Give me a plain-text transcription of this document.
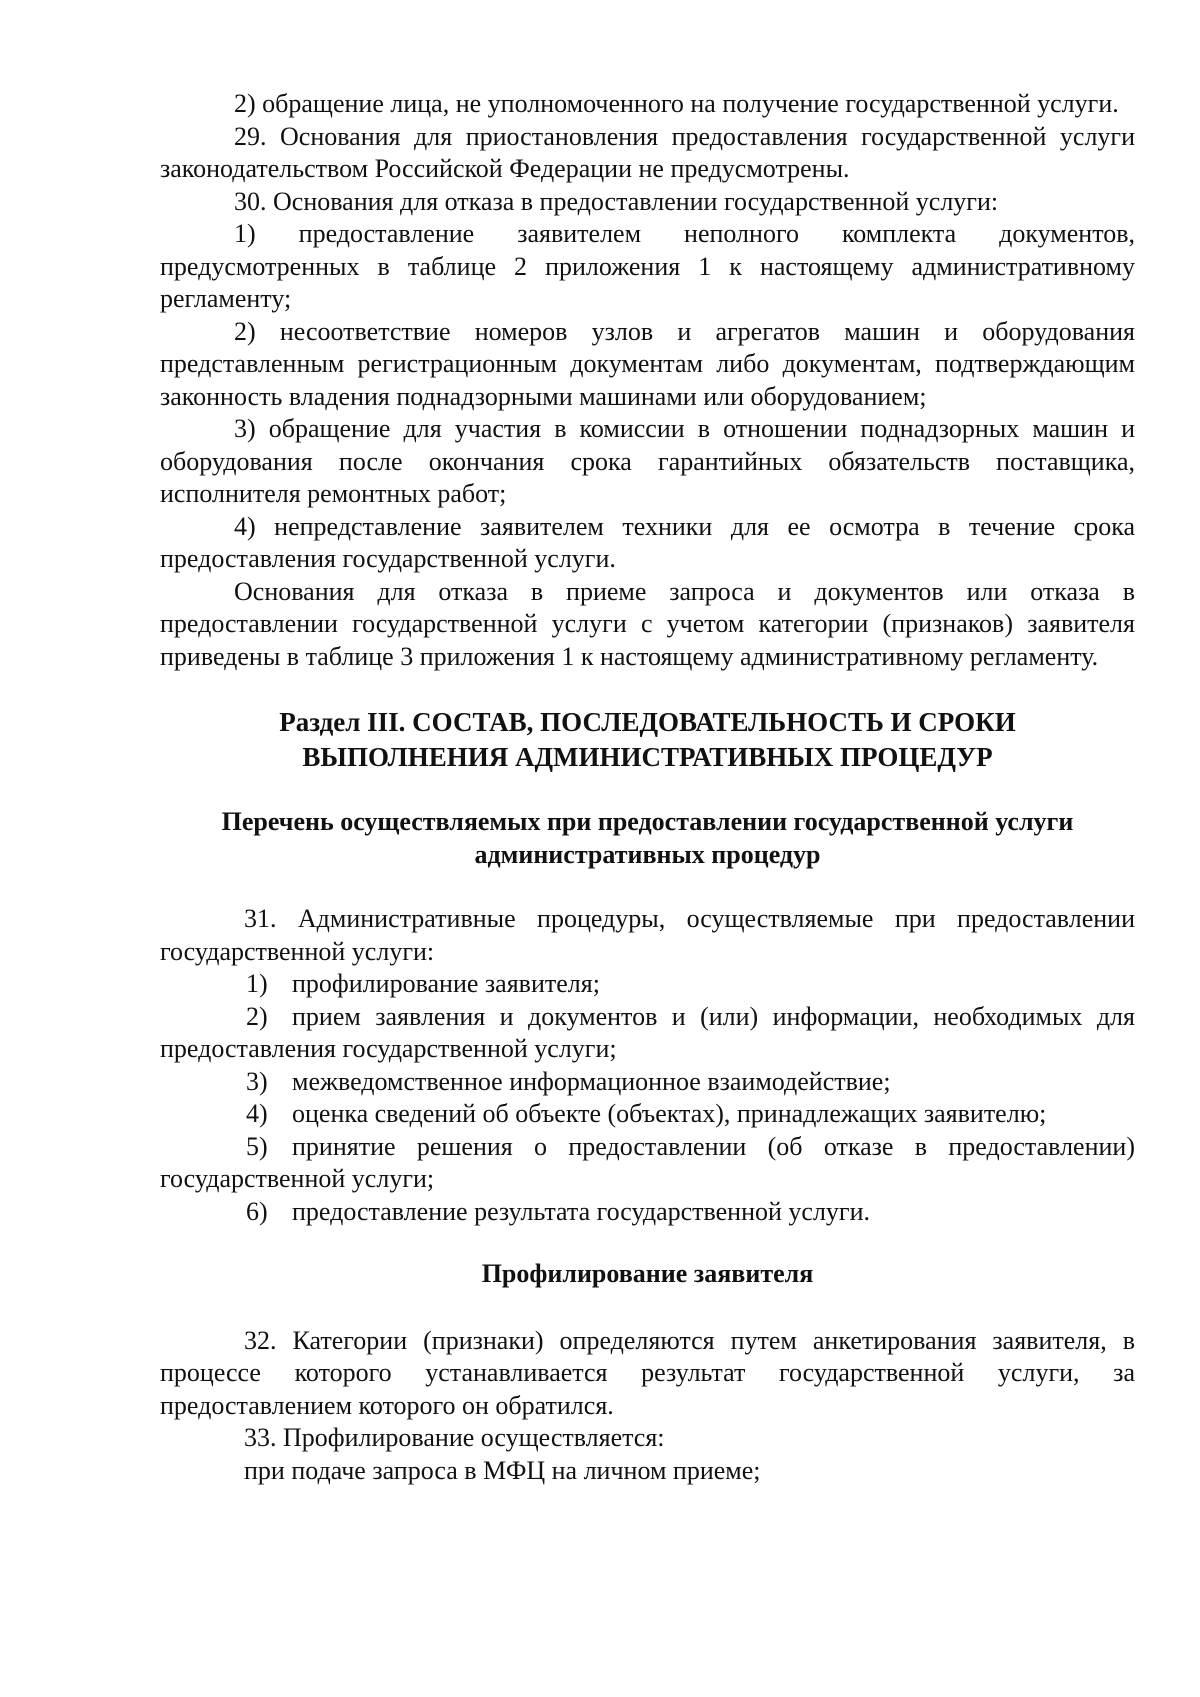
2) обращение лица, не уполномоченного на получение государственной услуги.

29. Основания для приостановления предоставления государственной услуги законодательством Российской Федерации не предусмотрены.

30. Основания для отказа в предоставлении государственной услуги:

1) предоставление заявителем неполного комплекта документов, предусмотренных в таблице 2 приложения 1 к настоящему административному регламенту;

2) несоответствие номеров узлов и агрегатов машин и оборудования представленным регистрационным документам либо документам, подтверждающим законность владения поднадзорными машинами или оборудованием;

3) обращение для участия в комиссии в отношении поднадзорных машин и оборудования после окончания срока гарантийных обязательств поставщика, исполнителя ремонтных работ;

4) непредставление заявителем техники для ее осмотра в течение срока предоставления государственной услуги.

Основания для отказа в приеме запроса и документов или отказа в предоставлении государственной услуги с учетом категории (признаков) заявителя приведены в таблице 3 приложения 1 к настоящему административному регламенту.

Раздел III. СОСТАВ, ПОСЛЕДОВАТЕЛЬНОСТЬ И СРОКИ
ВЫПОЛНЕНИЯ АДМИНИСТРАТИВНЫХ ПРОЦЕДУР
Перечень осуществляемых при предоставлении государственной услуги
административных процедур

31. Административные процедуры, осуществляемые при предоставлении государственной услуги:

1) профилирование заявителя;

2) прием заявления и документов и (или) информации, необходимых для предоставления государственной услуги;

3) межведомственное информационное взаимодействие;

4) оценка сведений об объекте (объектах), принадлежащих заявителю;

5) принятие решения о предоставлении (об отказе в предоставлении) государственной услуги;

6) предоставление результата государственной услуги.

Профилирование заявителя

32. Категории (признаки) определяются путем анкетирования заявителя, в процессе которого устанавливается результат государственной услуги, за предоставлением которого он обратился.

33. Профилирование осуществляется:

при подаче запроса в МФЦ на личном приеме;
